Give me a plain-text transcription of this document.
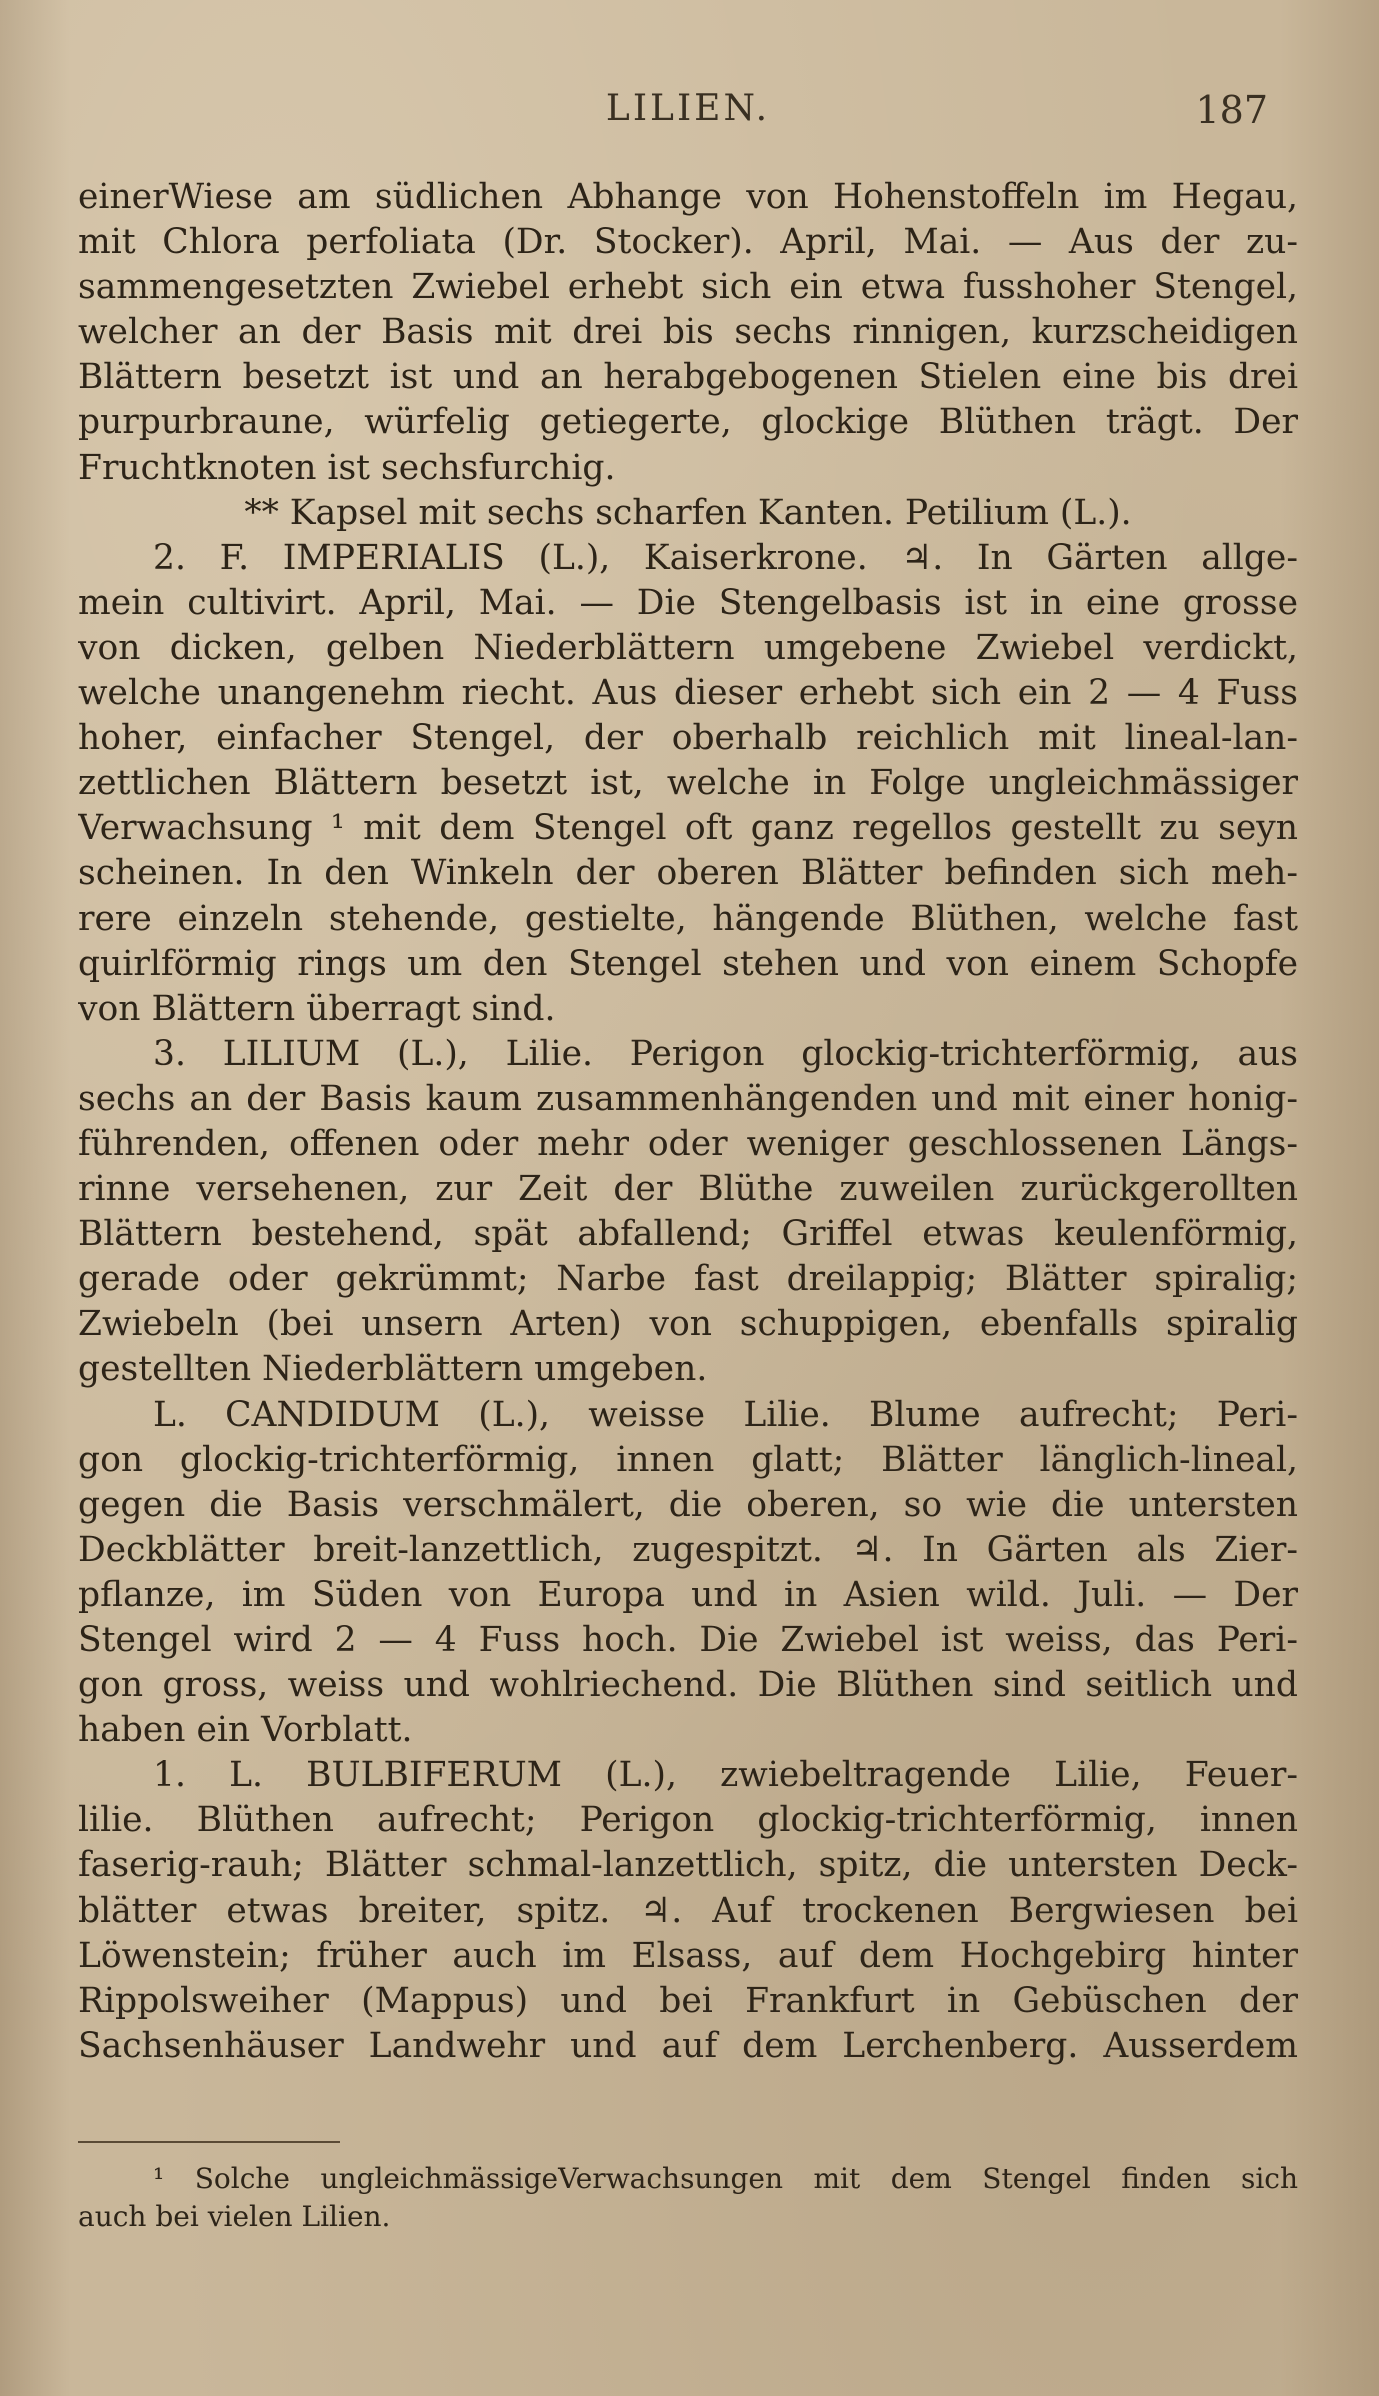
LILIEN.	187
einerWiese am südlichen Abhange von Hohenstoffeln im Hegau,
mit Chlora perfoliata (Dr. Stocker). April, Mai. — Aus der zu-
sammengesetzten Zwiebel erhebt sich ein etwa fusshoher Stengel,
welcher an der Basis mit drei bis sechs rinnigen, kurzscheidigen
Blättern besetzt ist und an herabgebogenen Stielen eine bis drei
purpurbraune, würfelig getiegerte, glockige Blüthen trägt. Der
Fruchtknoten ist sechsfurchig.
** Kapsel mit sechs scharfen Kanten. Petilium (L.).
2. F. IMPERIALIS (L.), Kaiserkrone. ♃. In Gärten allge-
mein cultivirt. April, Mai. — Die Stengelbasis ist in eine grosse
von dicken, gelben Niederblättern umgebene Zwiebel verdickt,
welche unangenehm riecht. Aus dieser erhebt sich ein 2 — 4 Fuss
hoher, einfacher Stengel, der oberhalb reichlich mit lineal-lan-
zettlichen Blättern besetzt ist, welche in Folge ungleichmässiger
Verwachsung ¹ mit dem Stengel oft ganz regellos gestellt zu seyn
scheinen. In den Winkeln der oberen Blätter befinden sich meh-
rere einzeln stehende, gestielte, hängende Blüthen, welche fast
quirlförmig rings um den Stengel stehen und von einem Schopfe
von Blättern überragt sind.
3. LILIUM (L.), Lilie. Perigon glockig-trichterförmig, aus
sechs an der Basis kaum zusammenhängenden und mit einer honig-
führenden, offenen oder mehr oder weniger geschlossenen Längs-
rinne versehenen, zur Zeit der Blüthe zuweilen zurückgerollten
Blättern bestehend, spät abfallend; Griffel etwas keulenförmig,
gerade oder gekrümmt; Narbe fast dreilappig; Blätter spiralig;
Zwiebeln (bei unsern Arten) von schuppigen, ebenfalls spiralig
gestellten Niederblättern umgeben.
L. CANDIDUM (L.), weisse Lilie. Blume aufrecht; Peri-
gon glockig-trichterförmig, innen glatt; Blätter länglich-lineal,
gegen die Basis verschmälert, die oberen, so wie die untersten
Deckblätter breit-lanzettlich, zugespitzt. ♃. In Gärten als Zier-
pflanze, im Süden von Europa und in Asien wild. Juli. — Der
Stengel wird 2 — 4 Fuss hoch. Die Zwiebel ist weiss, das Peri-
gon gross, weiss und wohlriechend. Die Blüthen sind seitlich und
haben ein Vorblatt.
1. L. BULBIFERUM (L.), zwiebeltragende Lilie, Feuer-
lilie. Blüthen aufrecht; Perigon glockig-trichterförmig, innen
faserig-rauh; Blätter schmal-lanzettlich, spitz, die untersten Deck-
blätter etwas breiter, spitz. ♃. Auf trockenen Bergwiesen bei
Löwenstein; früher auch im Elsass, auf dem Hochgebirg hinter
Rippolsweiher (Mappus) und bei Frankfurt in Gebüschen der
Sachsenhäuser Landwehr und auf dem Lerchenberg. Ausserdem
¹ Solche ungleichmässigeVerwachsungen mit dem Stengel finden sich
auch bei vielen Lilien.
